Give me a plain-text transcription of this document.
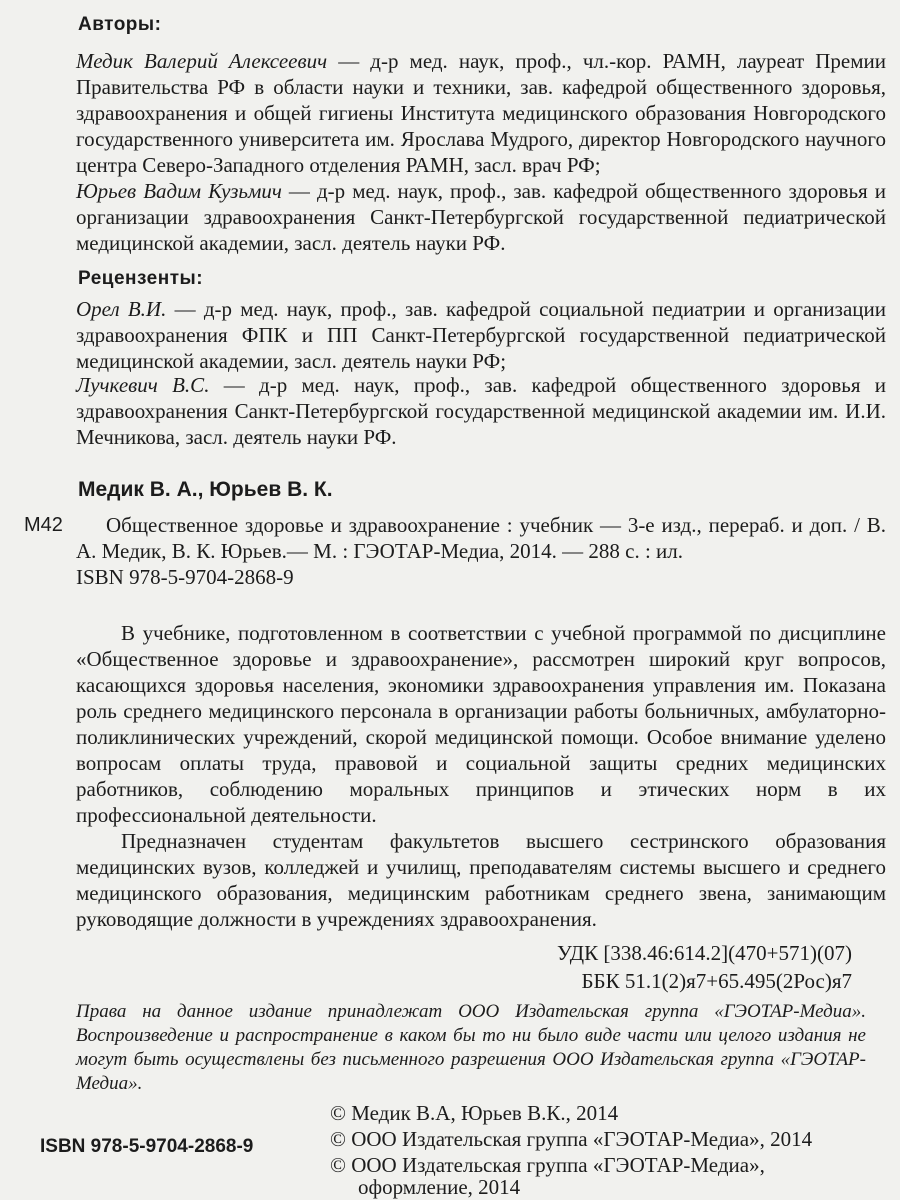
Авторы:
Медик Валерий Алексеевич — д-р мед. наук, проф., чл.-кор. РАМН, лауреат Премии Правительства РФ в области науки и техники, зав. кафедрой общественного здоровья, здравоохранения и общей гигиены Института медицинского образования Новгородского государственного университета им. Ярослава Мудрого, директор Новгородского научного центра Северо-Западного отделения РАМН, засл. врач РФ;
Юрьев Вадим Кузьмич — д-р мед. наук, проф., зав. кафедрой общественного здоровья и организации здравоохранения Санкт-Петербургской государственной педиатрической медицинской академии, засл. деятель науки РФ.
Рецензенты:
Орел В.И. — д-р мед. наук, проф., зав. кафедрой социальной педиатрии и организации здравоохранения ФПК и ПП Санкт-Петербургской государственной педиатрической медицинской академии, засл. деятель науки РФ;
Лучкевич В.С. — д-р мед. наук, проф., зав. кафедрой общественного здоровья и здравоохранения Санкт-Петербургской государственной медицинской академии им. И.И. Мечникова, засл. деятель науки РФ.
Медик В. А., Юрьев В. К.
М42	Общественное здоровье и здравоохранение : учебник — 3-е изд., перераб. и доп. / В. А. Медик, В. К. Юрьев.— М. : ГЭОТАР-Медиа, 2014. — 288 с. : ил.
ISBN 978-5-9704-2868-9
В учебнике, подготовленном в соответствии с учебной программой по дисциплине «Общественное здоровье и здравоохранение», рассмотрен широкий круг вопросов, касающихся здоровья населения, экономики здравоохранения управления им. Показана роль среднего медицинского персонала в организации работы больничных, амбулаторно-поликлинических учреждений, скорой медицинской помощи. Особое внимание уделено вопросам оплаты труда, правовой и социальной защиты средних медицинских работников, соблюдению моральных принципов и этических норм в их профессиональной деятельности.
Предназначен студентам факультетов высшего сестринского образования медицинских вузов, колледжей и училищ, преподавателям системы высшего и среднего медицинского образования, медицинским работникам среднего звена, занимающим руководящие должности в учреждениях здравоохранения.
УДК [338.46:614.2](470+571)(07)
ББК 51.1(2)я7+65.495(2Рос)я7
Права на данное издание принадлежат ООО Издательская группа «ГЭОТАР-Медиа». Воспроизведение и распространение в каком бы то ни было виде части или целого издания не могут быть осуществлены без письменного разрешения ООО Издательская группа «ГЭОТАР-Медиа».
© Медик В.А, Юрьев В.К., 2014
© ООО Издательская группа «ГЭОТАР-Медиа», 2014
© ООО Издательская группа «ГЭОТАР-Медиа»,
оформление, 2014
ISBN 978-5-9704-2868-9
